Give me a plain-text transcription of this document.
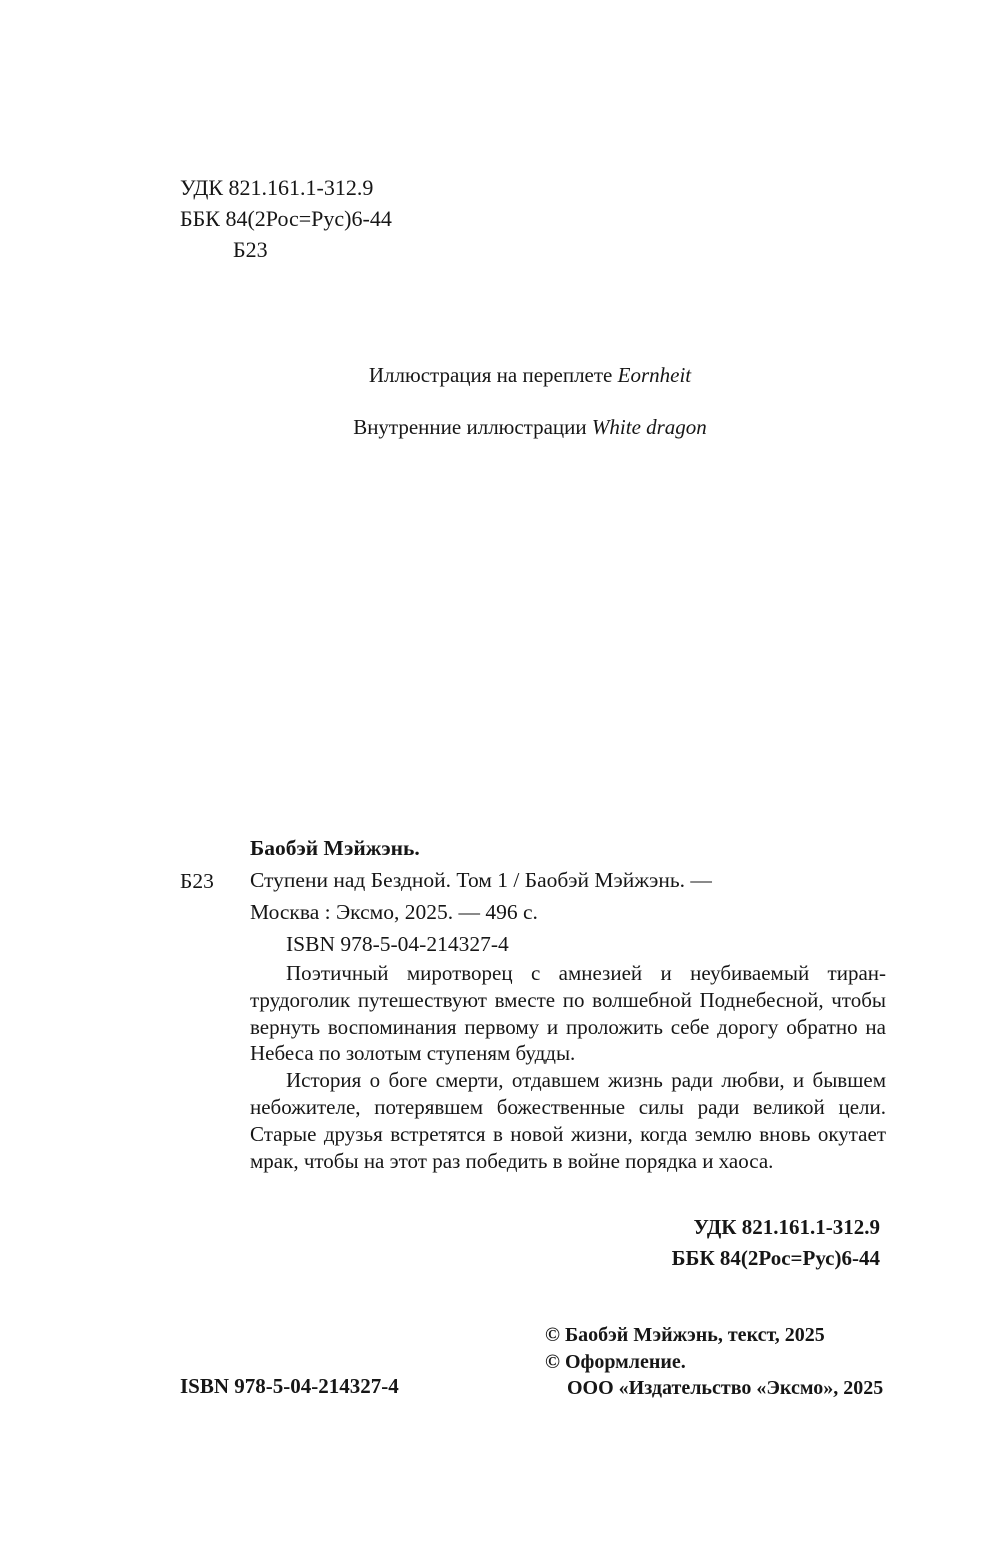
УДК 821.161.1-312.9
ББК 84(2Рос=Рус)6-44
Б23
Иллюстрация на переплете Eornheit
Внутренние иллюстрации White dragon
Б23
Баобэй Мэйжэнь.
Ступени над Бездной. Том 1 / Баобэй Мэйжэнь. —
Москва : Эксмо, 2025. — 496 с.
ISBN 978-5-04-214327-4

Поэтичный миротворец с амнезией и неубиваемый тиран-трудоголик путешествуют вместе по волшебной Поднебесной, чтобы вернуть воспоминания первому и проложить себе дорогу обратно на Небеса по золотым ступеням будды.

История о боге смерти, отдавшем жизнь ради любви, и бывшем небожителе, потерявшем божественные силы ради великой цели. Старые друзья встретятся в новой жизни, когда землю вновь окутает мрак, чтобы на этот раз победить в войне порядка и хаоса.

УДК 821.161.1-312.9
ББК 84(2Рос=Рус)6-44
© Баобэй Мэйжэнь, текст, 2025
© Оформление.
ООО «Издательство «Эксмо», 2025
ISBN 978-5-04-214327-4
